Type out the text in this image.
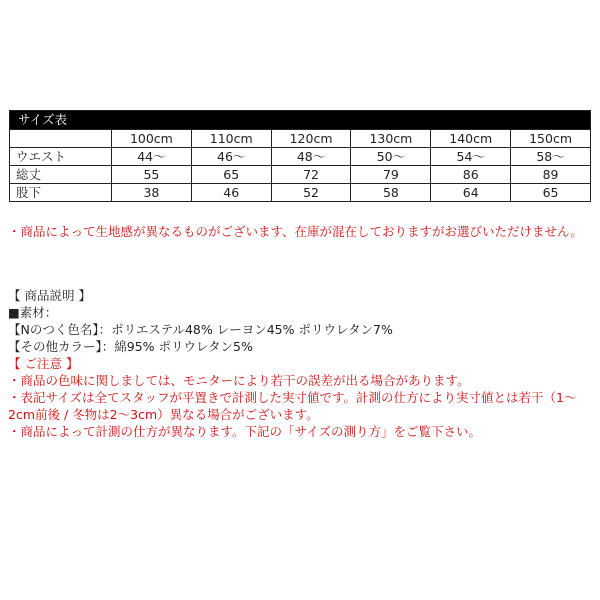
サイズ表						
	100cm	110cm	120cm	130cm	140cm	150cm
ウエスト	44〜	46〜	48〜	50〜	54〜	58〜
総丈	55	65	72	79	86	89
股下	38	46	52	58	64	65

・商品によって生地感が異なるものがございます、在庫が混在しておりますがお選びいただけません。

【 商品説明 】

■素材：

【Nのつく色名】：ポリエステル48% レーヨン45% ポリウレタン7%

【その他カラー】：綿95% ポリウレタン5%

【 ご注意 】

・商品の色味に関しましては、モニターにより若干の誤差が出る場合があります。

・表記サイズは全てスタッフが平置きで計測した実寸値です。計測の仕方により実寸値とは若干（1〜2cm前後 / 冬物は2〜3cm）異なる場合がございます。

・商品によって計測の仕方が異なります。下記の「サイズの測り方」をご覧下さい。
